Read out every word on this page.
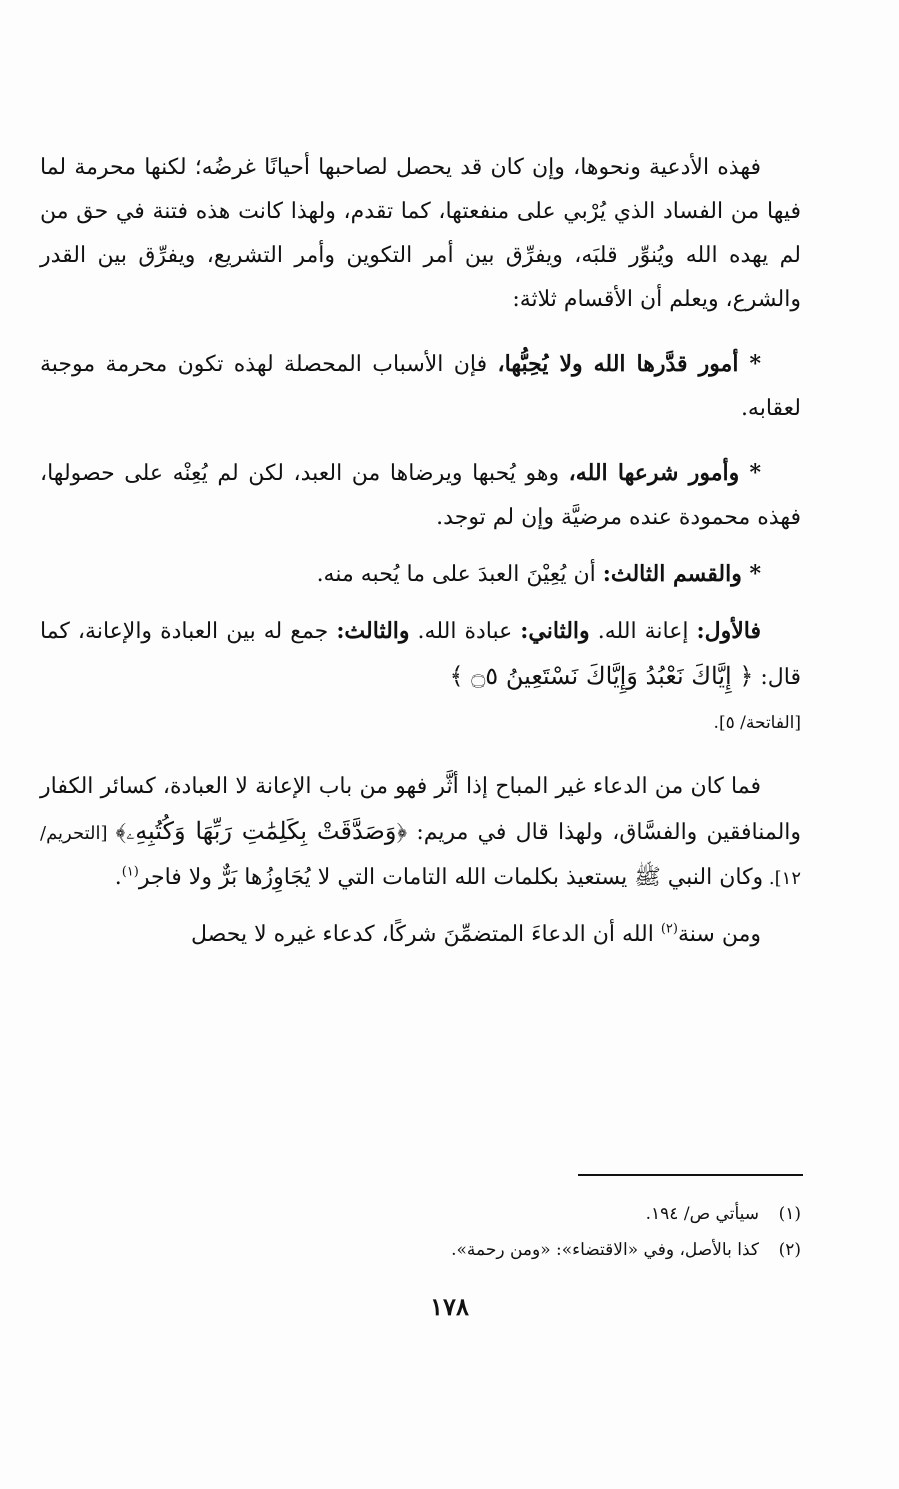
فهذه الأدعية ونحوها، وإن كان قد يحصل لصاحبها أحيانًا غرضُه؛ لكنها محرمة لما فيها من الفساد الذي يُرْبي على منفعتها، كما تقدم، ولهذا كانت هذه فتنة في حق من لم يهده الله ويُنوِّر قلبَه، ويفرِّق بين أمر التكوين وأمر التشريع، ويفرِّق بين القدر والشرع، ويعلم أن الأقسام ثلاثة:

* أمور قدَّرها الله ولا يُحِبُّها، فإن الأسباب المحصلة لهذه تكون محرمة موجبة لعقابه.

* وأمور شرعها الله، وهو يُحبها ويرضاها من العبد، لكن لم يُعِنْه على حصولها، فهذه محمودة عنده مرضيَّة وإن لم توجد.

* والقسم الثالث: أن يُعِيْنَ العبدَ على ما يُحبه منه.

فالأول: إعانة الله. والثاني: عبادة الله. والثالث: جمع له بين العبادة والإعانة، كما قال: ﴿ إِيَّاكَ نَعْبُدُ وَإِيَّاكَ نَسْتَعِينُ ۝٥ ﴾
[الفاتحة/ ٥].

فما كان من الدعاء غير المباح إذا أثَّر فهو من باب الإعانة لا العبادة، كسائر الكفار والمنافقين والفسَّاق، ولهذا قال في مريم: ﴿وَصَدَّقَتْ بِكَلِمَٰتِ رَبِّهَا وَكُتُبِهِۦ﴾ [التحريم/ ١٢]. وكان النبي ﷺ يستعيذ بكلمات الله التامات التي لا يُجَاوِزُها بَرٌّ ولا فاجر$^{(١)}$.

ومن سنة$^{(٢)}$ الله أن الدعاءَ المتضمِّنَ شركًا، كدعاء غيره لا يحصل

(١)سيأتي ص/ ١٩٤.

(٢)كذا بالأصل، وفي «الاقتضاء»: «ومن رحمة».

١٧٨
